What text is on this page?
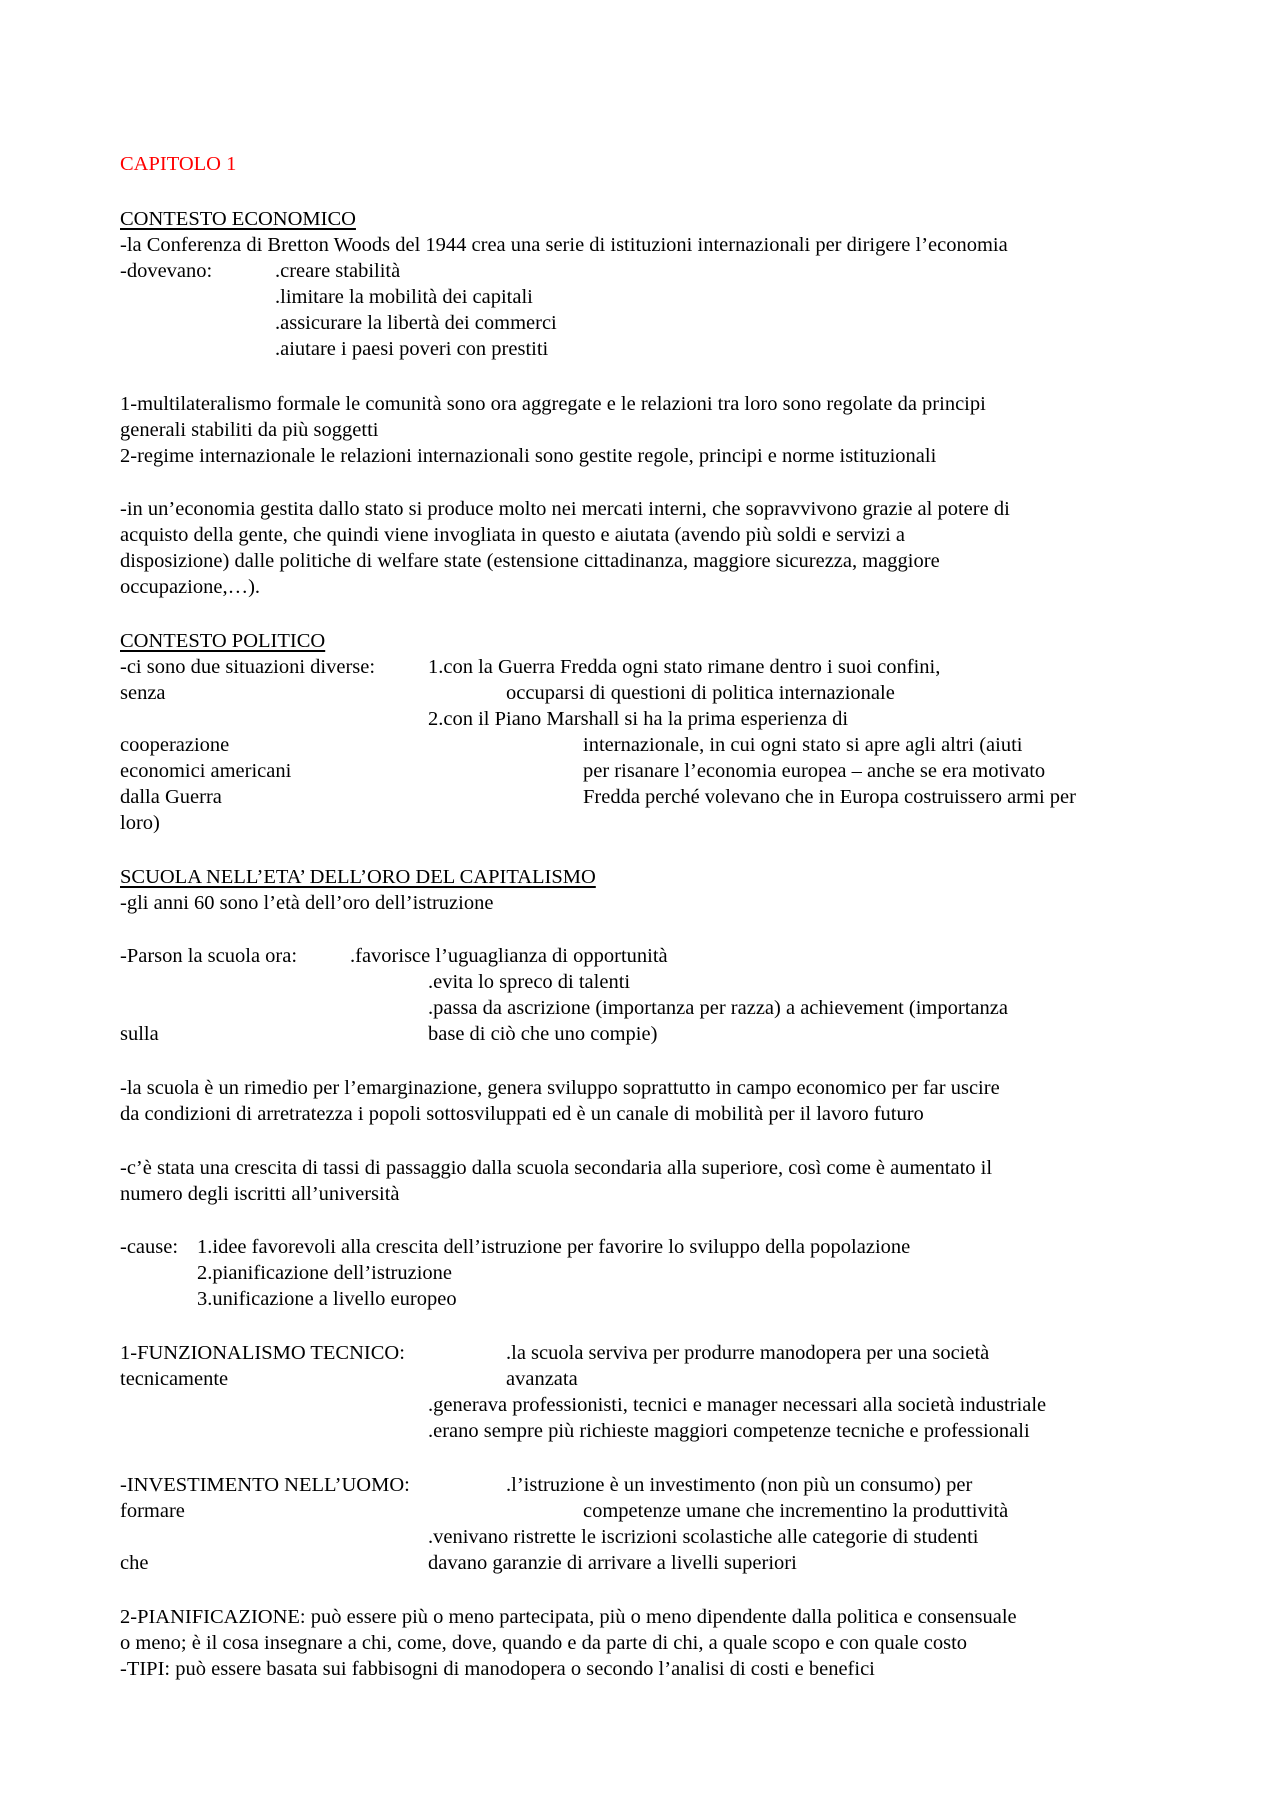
CAPITOLO 1
CONTESTO ECONOMICO
-la Conferenza di Bretton Woods del 1944 crea una serie di istituzioni internazionali per dirigere l’economia
-dovevano:	.creare stabilità
.limitare la mobilità dei capitali
.assicurare la libertà dei commerci
.aiutare i paesi poveri con prestiti
1-multilateralismo formale le comunità sono ora aggregate e le relazioni tra loro sono regolate da principi
generali stabiliti da più soggetti
2-regime internazionale le relazioni internazionali sono gestite regole, principi e norme istituzionali
-in un’economia gestita dallo stato si produce molto nei mercati interni, che sopravvivono grazie al potere di
acquisto della gente, che quindi viene invogliata in questo e aiutata (avendo più soldi e servizi a
disposizione) dalle politiche di welfare state (estensione cittadinanza, maggiore sicurezza, maggiore
occupazione,…).
CONTESTO POLITICO
-ci sono due situazioni diverse:	1.con la Guerra Fredda ogni stato rimane dentro i suoi confini,
senza	occuparsi di questioni di politica internazionale
2.con il Piano Marshall si ha la prima esperienza di
cooperazione	internazionale, in cui ogni stato si apre agli altri (aiuti
economici americani	per risanare l’economia europea – anche se era motivato
dalla Guerra	Fredda perché volevano che in Europa costruissero armi per
loro)
SCUOLA NELL’ETA’ DELL’ORO DEL CAPITALISMO
-gli anni 60 sono l’età dell’oro dell’istruzione
-Parson la scuola ora:	.favorisce l’uguaglianza di opportunità
.evita lo spreco di talenti
.passa da ascrizione (importanza per razza) a achievement (importanza
sulla	base di ciò che uno compie)
-la scuola è un rimedio per l’emarginazione, genera sviluppo soprattutto in campo economico per far uscire
da condizioni di arretratezza i popoli sottosviluppati ed è un canale di mobilità per il lavoro futuro
-c’è stata una crescita di tassi di passaggio dalla scuola secondaria alla superiore, così come è aumentato il
numero degli iscritti all’università
-cause: 1.idee favorevoli alla crescita dell’istruzione per favorire lo sviluppo della popolazione
2.pianificazione dell’istruzione
3.unificazione a livello europeo
1-FUNZIONALISMO TECNICO:	.la scuola serviva per produrre manodopera per una società
tecnicamente	avanzata
.generava professionisti, tecnici e manager necessari alla società industriale
.erano sempre più richieste maggiori competenze tecniche e professionali
-INVESTIMENTO NELL’UOMO:	.l’istruzione è un investimento (non più un consumo) per
formare	competenze umane che incrementino la produttività
.venivano ristrette le iscrizioni scolastiche alle categorie di studenti
che	davano garanzie di arrivare a livelli superiori
2-PIANIFICAZIONE: può essere più o meno partecipata, più o meno dipendente dalla politica e consensuale
o meno; è il cosa insegnare a chi, come, dove, quando e da parte di chi, a quale scopo e con quale costo
-TIPI: può essere basata sui fabbisogni di manodopera o secondo l’analisi di costi e benefici
